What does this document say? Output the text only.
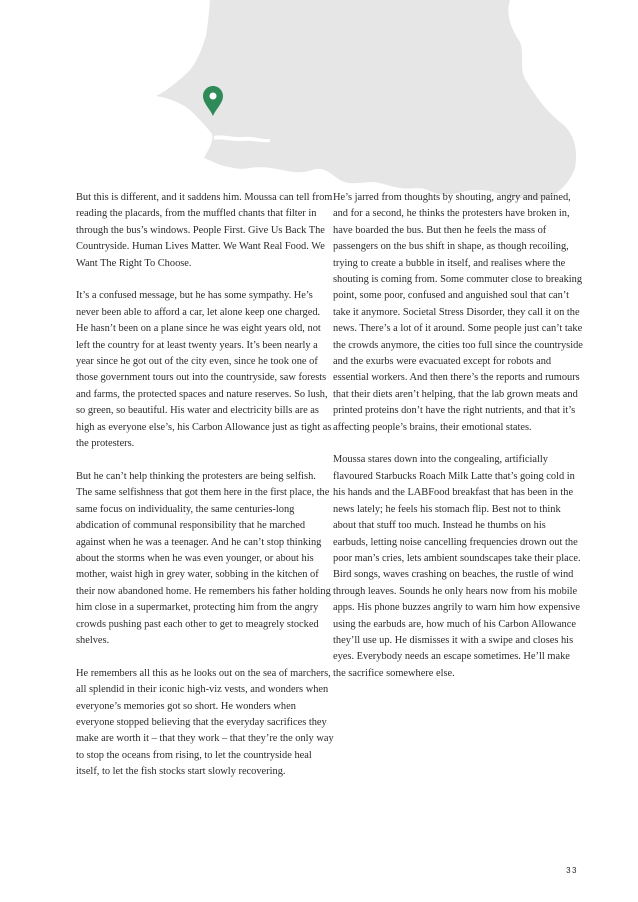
But this is different, and it saddens him. Moussa can tell from reading the placards, from the muffled chants that filter in through the bus’s windows. People First. Give Us Back The Countryside. Human Lives Matter. We Want Real Food. We Want The Right To Choose.

It’s a confused message, but he has some sympathy. He’s never been able to afford a car, let alone keep one charged. He hasn’t been on a plane since he was eight years old, not left the country for at least twenty years. It’s been nearly a year since he got out of the city even, since he took one of those government tours out into the countryside, saw forests and farms, the protected spaces and nature reserves. So lush, so green, so beautiful. His water and electricity bills are as high as everyone else’s, his Carbon Allowance just as tight as the protesters.

But he can’t help thinking the protesters are being selfish. The same selfishness that got them here in the first place, the same focus on individuality, the same centuries-long abdication of communal responsibility that he marched against when he was a teenager. And he can’t stop thinking about the storms when he was even younger, or about his mother, waist high in grey water, sobbing in the kitchen of their now abandoned home. He remembers his father holding him close in a supermarket, protecting him from the angry crowds pushing past each other to get to meagrely stocked shelves.

He remembers all this as he looks out on the sea of marchers, all splendid in their iconic high-viz vests, and wonders when everyone’s memories got so short. He wonders when everyone stopped believing that the everyday sacrifices they make are worth it – that they work – that they’re the only way to stop the oceans from rising, to let the countryside heal itself, to let the fish stocks start slowly recovering.

He’s jarred from thoughts by shouting, angry and pained, and for a second, he thinks the protesters have broken in, have boarded the bus. But then he feels the mass of passengers on the bus shift in shape, as though recoiling, trying to create a bubble in itself, and realises where the shouting is coming from. Some commuter close to breaking point, some poor, confused and anguished soul that can’t take it anymore. Societal Stress Disorder, they call it on the news. There’s a lot of it around. Some people just can’t take the crowds anymore, the cities too full since the countryside and the exurbs were evacuated except for robots and essential workers. And then there’s the reports and rumours that their diets aren’t helping, that the lab grown meats and printed proteins don’t have the right nutrients, and that it’s affecting people’s brains, their emotional states.

Moussa stares down into the congealing, artificially flavoured Starbucks Roach Milk Latte that’s going cold in his hands and the LABFood breakfast that has been in the news lately; he feels his stomach flip. Best not to think about that stuff too much. Instead he thumbs on his earbuds, letting noise cancelling frequencies drown out the poor man’s cries, lets ambient soundscapes take their place. Bird songs, waves crashing on beaches, the rustle of wind through leaves. Sounds he only hears now from his mobile apps. His phone buzzes angrily to warn him how expensive using the earbuds are, how much of his Carbon Allowance they’ll use up. He dismisses it with a swipe and closes his eyes. Everybody needs an escape sometimes. He’ll make the sacrifice somewhere else.

33
